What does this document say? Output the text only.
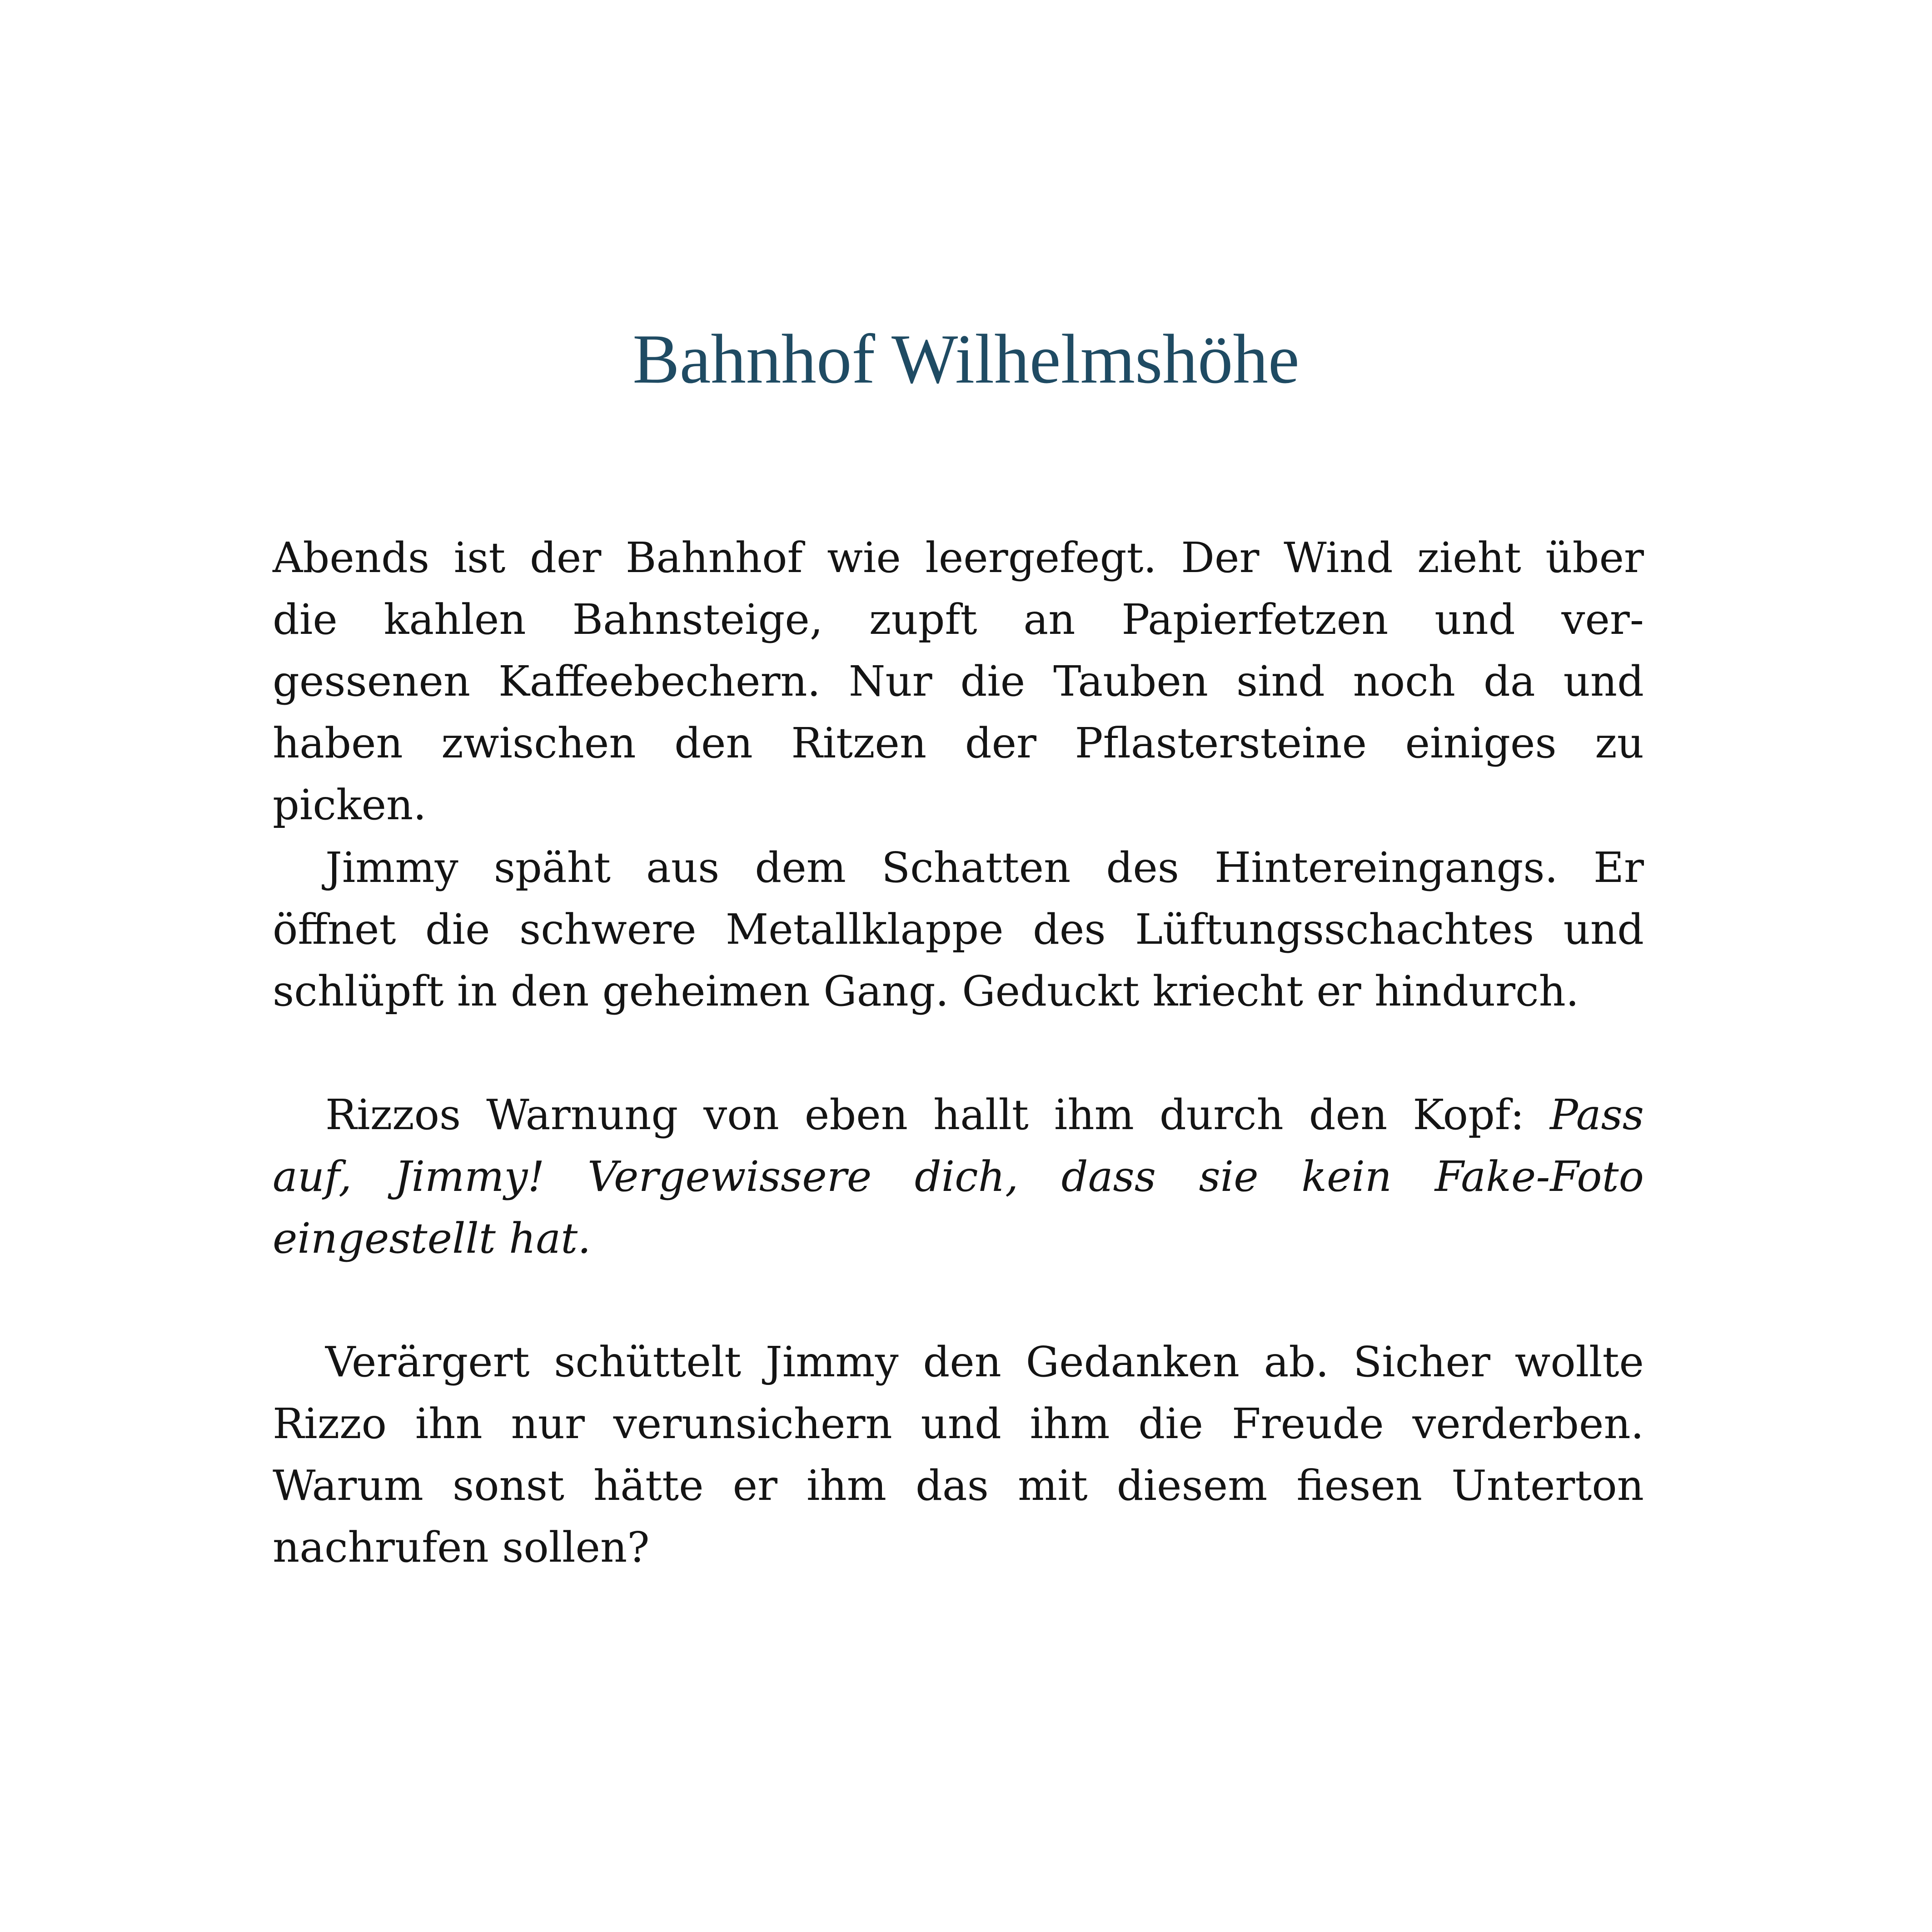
Bahnhof Wilhelmshöhe
Abends ist der Bahnhof wie leergefegt. Der Wind zieht über
die kahlen Bahnsteige, zupft an Papierfetzen und ver-
gessenen Kaffeebechern. Nur die Tauben sind noch da und
haben zwischen den Ritzen der Pflastersteine einiges zu
picken.
Jimmy späht aus dem Schatten des Hintereingangs. Er
öffnet die schwere Metallklappe des Lüftungsschachtes und
schlüpft in den geheimen Gang. Geduckt kriecht er hindurch.
Rizzos Warnung von eben hallt ihm durch den Kopf: Pass
auf, Jimmy! Vergewissere dich, dass sie kein Fake-Foto
eingestellt hat.
Verärgert schüttelt Jimmy den Gedanken ab. Sicher wollte
Rizzo ihn nur verunsichern und ihm die Freude verderben.
Warum sonst hätte er ihm das mit diesem fiesen Unterton
nachrufen sollen?
